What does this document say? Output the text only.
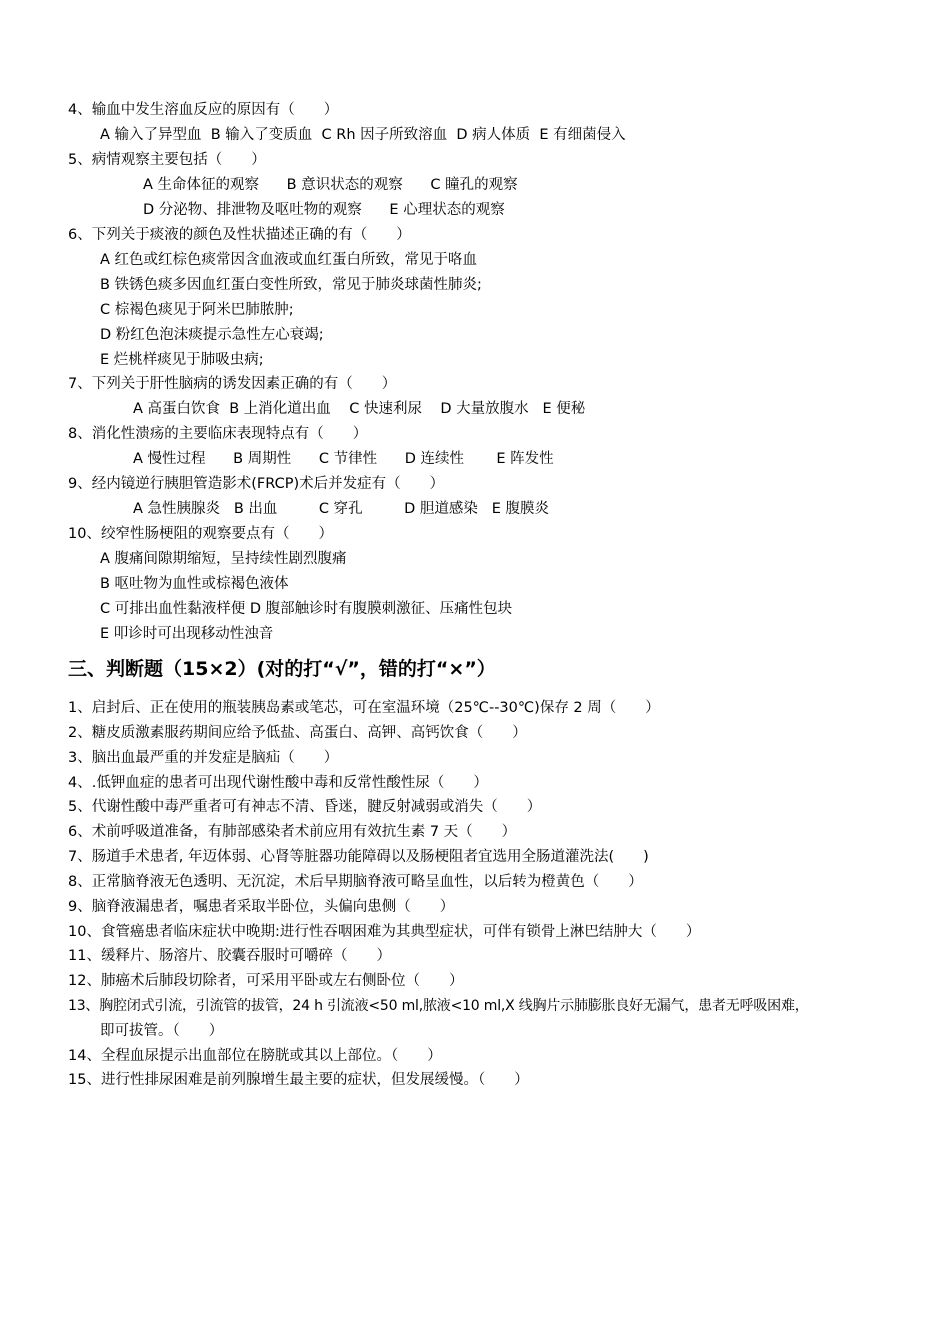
4、输血中发生溶血反应的原因有（　　）
A 输入了异型血  B 输入了变质血  C Rh 因子所致溶血  D 病人体质  E 有细菌侵入
5、病情观察主要包括（　　）
A 生命体征的观察      B 意识状态的观察      C 瞳孔的观察
D 分泌物、排泄物及呕吐物的观察      E 心理状态的观察
6、下列关于痰液的颜色及性状描述正确的有（　　）
A 红色或红棕色痰常因含血液或血红蛋白所致，常见于咯血
B 铁锈色痰多因血红蛋白变性所致，常见于肺炎球菌性肺炎;
C 棕褐色痰见于阿米巴肺脓肿;
D 粉红色泡沫痰提示急性左心衰竭;
E 烂桃样痰见于肺吸虫病;
7、下列关于肝性脑病的诱发因素正确的有（　　）
A 高蛋白饮食  B 上消化道出血    C 快速利尿    D 大量放腹水   E 便秘
8、消化性溃疡的主要临床表现特点有（　　）
A 慢性过程      B 周期性      C 节律性      D 连续性       E 阵发性
9、经内镜逆行胰胆管造影术(FRCP)术后并发症有（　　）
A 急性胰腺炎   B 出血         C 穿孔         D 胆道感染   E 腹膜炎
10、绞窄性肠梗阻的观察要点有（　　）
A 腹痛间隙期缩短，呈持续性剧烈腹痛
B 呕吐物为血性或棕褐色液体
C 可排出血性黏液样便 D 腹部触诊时有腹膜刺激征、压痛性包块
E 叩诊时可出现移动性浊音
三、判断题（15×2）(对的打“√”，错的打“×”）
1、启封后、正在使用的瓶装胰岛素或笔芯，可在室温环境（25℃--30℃)保存 2 周（　　）
2、糖皮质激素服药期间应给予低盐、高蛋白、高钾、高钙饮食（　　）
3、脑出血最严重的并发症是脑疝（　　）
4、.低钾血症的患者可出现代谢性酸中毒和反常性酸性尿（　　）
5、代谢性酸中毒严重者可有神志不清、昏迷，腱反射减弱或消失（　　）
6、术前呼吸道准备，有肺部感染者术前应用有效抗生素 7 天（　　）
7、肠道手术患者, 年迈体弱、心肾等脏器功能障碍以及肠梗阻者宜选用全肠道灌洗法(　　)
8、正常脑脊液无色透明、无沉淀，术后早期脑脊液可略呈血性，以后转为橙黄色（　　）
9、脑脊液漏患者，嘱患者采取半卧位，头偏向患侧（　　）
10、食管癌患者临床症状中晚期:进行性吞咽困难为其典型症状，可伴有锁骨上淋巴结肿大（　　）
11、缓释片、肠溶片、胶囊吞服时可嚼碎（　　）
12、肺癌术后肺段切除者，可采用平卧或左右侧卧位（　　）
13、胸腔闭式引流，引流管的拔管，24 h 引流液<50 ml,脓液<10 ml,X 线胸片示肺膨胀良好无漏气，患者无呼吸困难，
即可拔管。（　　）
14、全程血尿提示出血部位在膀胱或其以上部位。（　　）
15、进行性排尿困难是前列腺增生最主要的症状，但发展缓慢。（　　）
